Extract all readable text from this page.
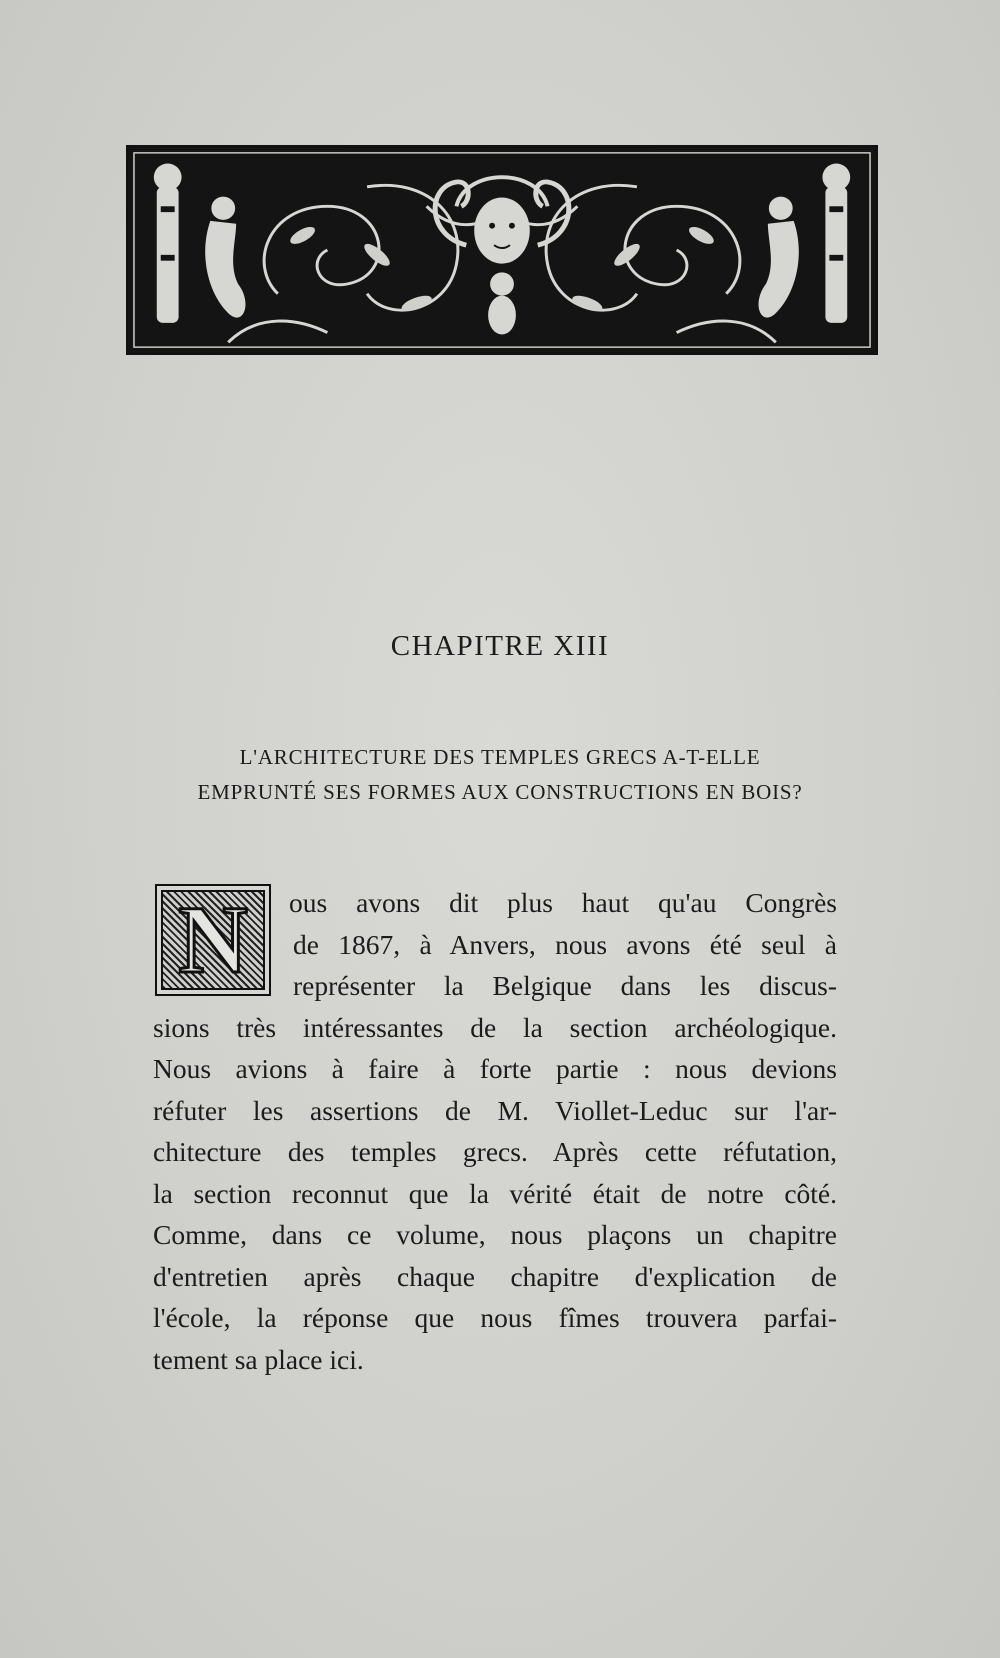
CHAPITRE XIII
L'ARCHITECTURE DES TEMPLES GRECS A-T-ELLE
EMPRUNTÉ SES FORMES AUX CONSTRUCTIONS EN BOIS?
N	ous avons dit plus haut qu'au Congrès
de 1867, à Anvers, nous avons été seul à
représenter la Belgique dans les discus-
sions très intéressantes de la section archéologique.
Nous avions à faire à forte partie : nous devions
réfuter les assertions de M. Viollet-Leduc sur l'ar-
chitecture des temples grecs. Après cette réfutation,
la section reconnut que la vérité était de notre côté.
Comme, dans ce volume, nous plaçons un chapitre
d'entretien après chaque chapitre d'explication de
l'école, la réponse que nous fîmes trouvera parfai-
tement sa place ici.
